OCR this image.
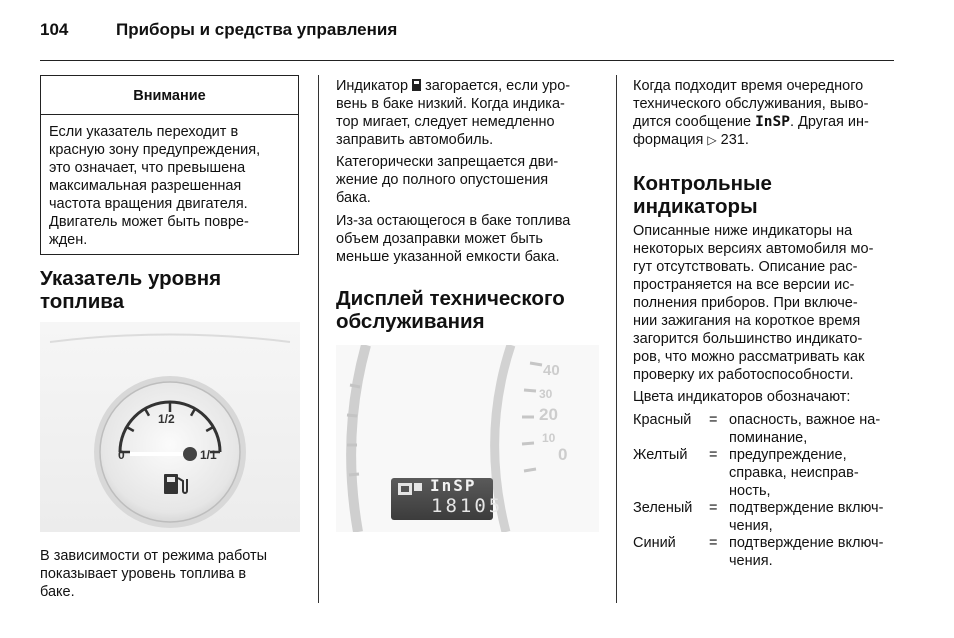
104	Приборы и средства управления
Внимание

Если указатель переходит в

красную зону предупреждения,

это означает, что превышена

максимальная разрешенная

частота вращения двигателя.

Двигатель может быть повре-

жден.

Указатель уровня

топлива

1/2
1/1
0

В зависимости от режима работы

показывает уровень топлива в

баке.

Индикатор загорается, если уро-

вень в баке низкий. Когда индика-

тор мигает, следует немедленно

заправить автомобиль.

Категорически запрещается дви-

жение до полного опустошения

бака.

Из-за остающегося в баке топлива

объем дозаправки может быть

меньше указанной емкости бака.

Дисплей технического

обслуживания

InSP
18105
40
30
20
10
0

Когда подходит время очередного

технического обслуживания, выво-

дится сообщение InSP. Другая ин-

формация ▷ 231.

Контрольные

индикаторы

Описанные ниже индикаторы на

некоторых версиях автомобиля мо-

гут отсутствовать. Описание рас-

пространяется на все версии ис-

полнения приборов. При включе-

нии зажигания на короткое время

загорится большинство индикато-

ров, что можно рассматривать как

проверку их работоспособности.

Цвета индикаторов обозначают:
Красный = опасность, важное на-
поминание,
Желтый = предупреждение,
справка, неисправ-
ность,
Зеленый = подтверждение включ-
чения,
Синий = подтверждение включ-
чения.
